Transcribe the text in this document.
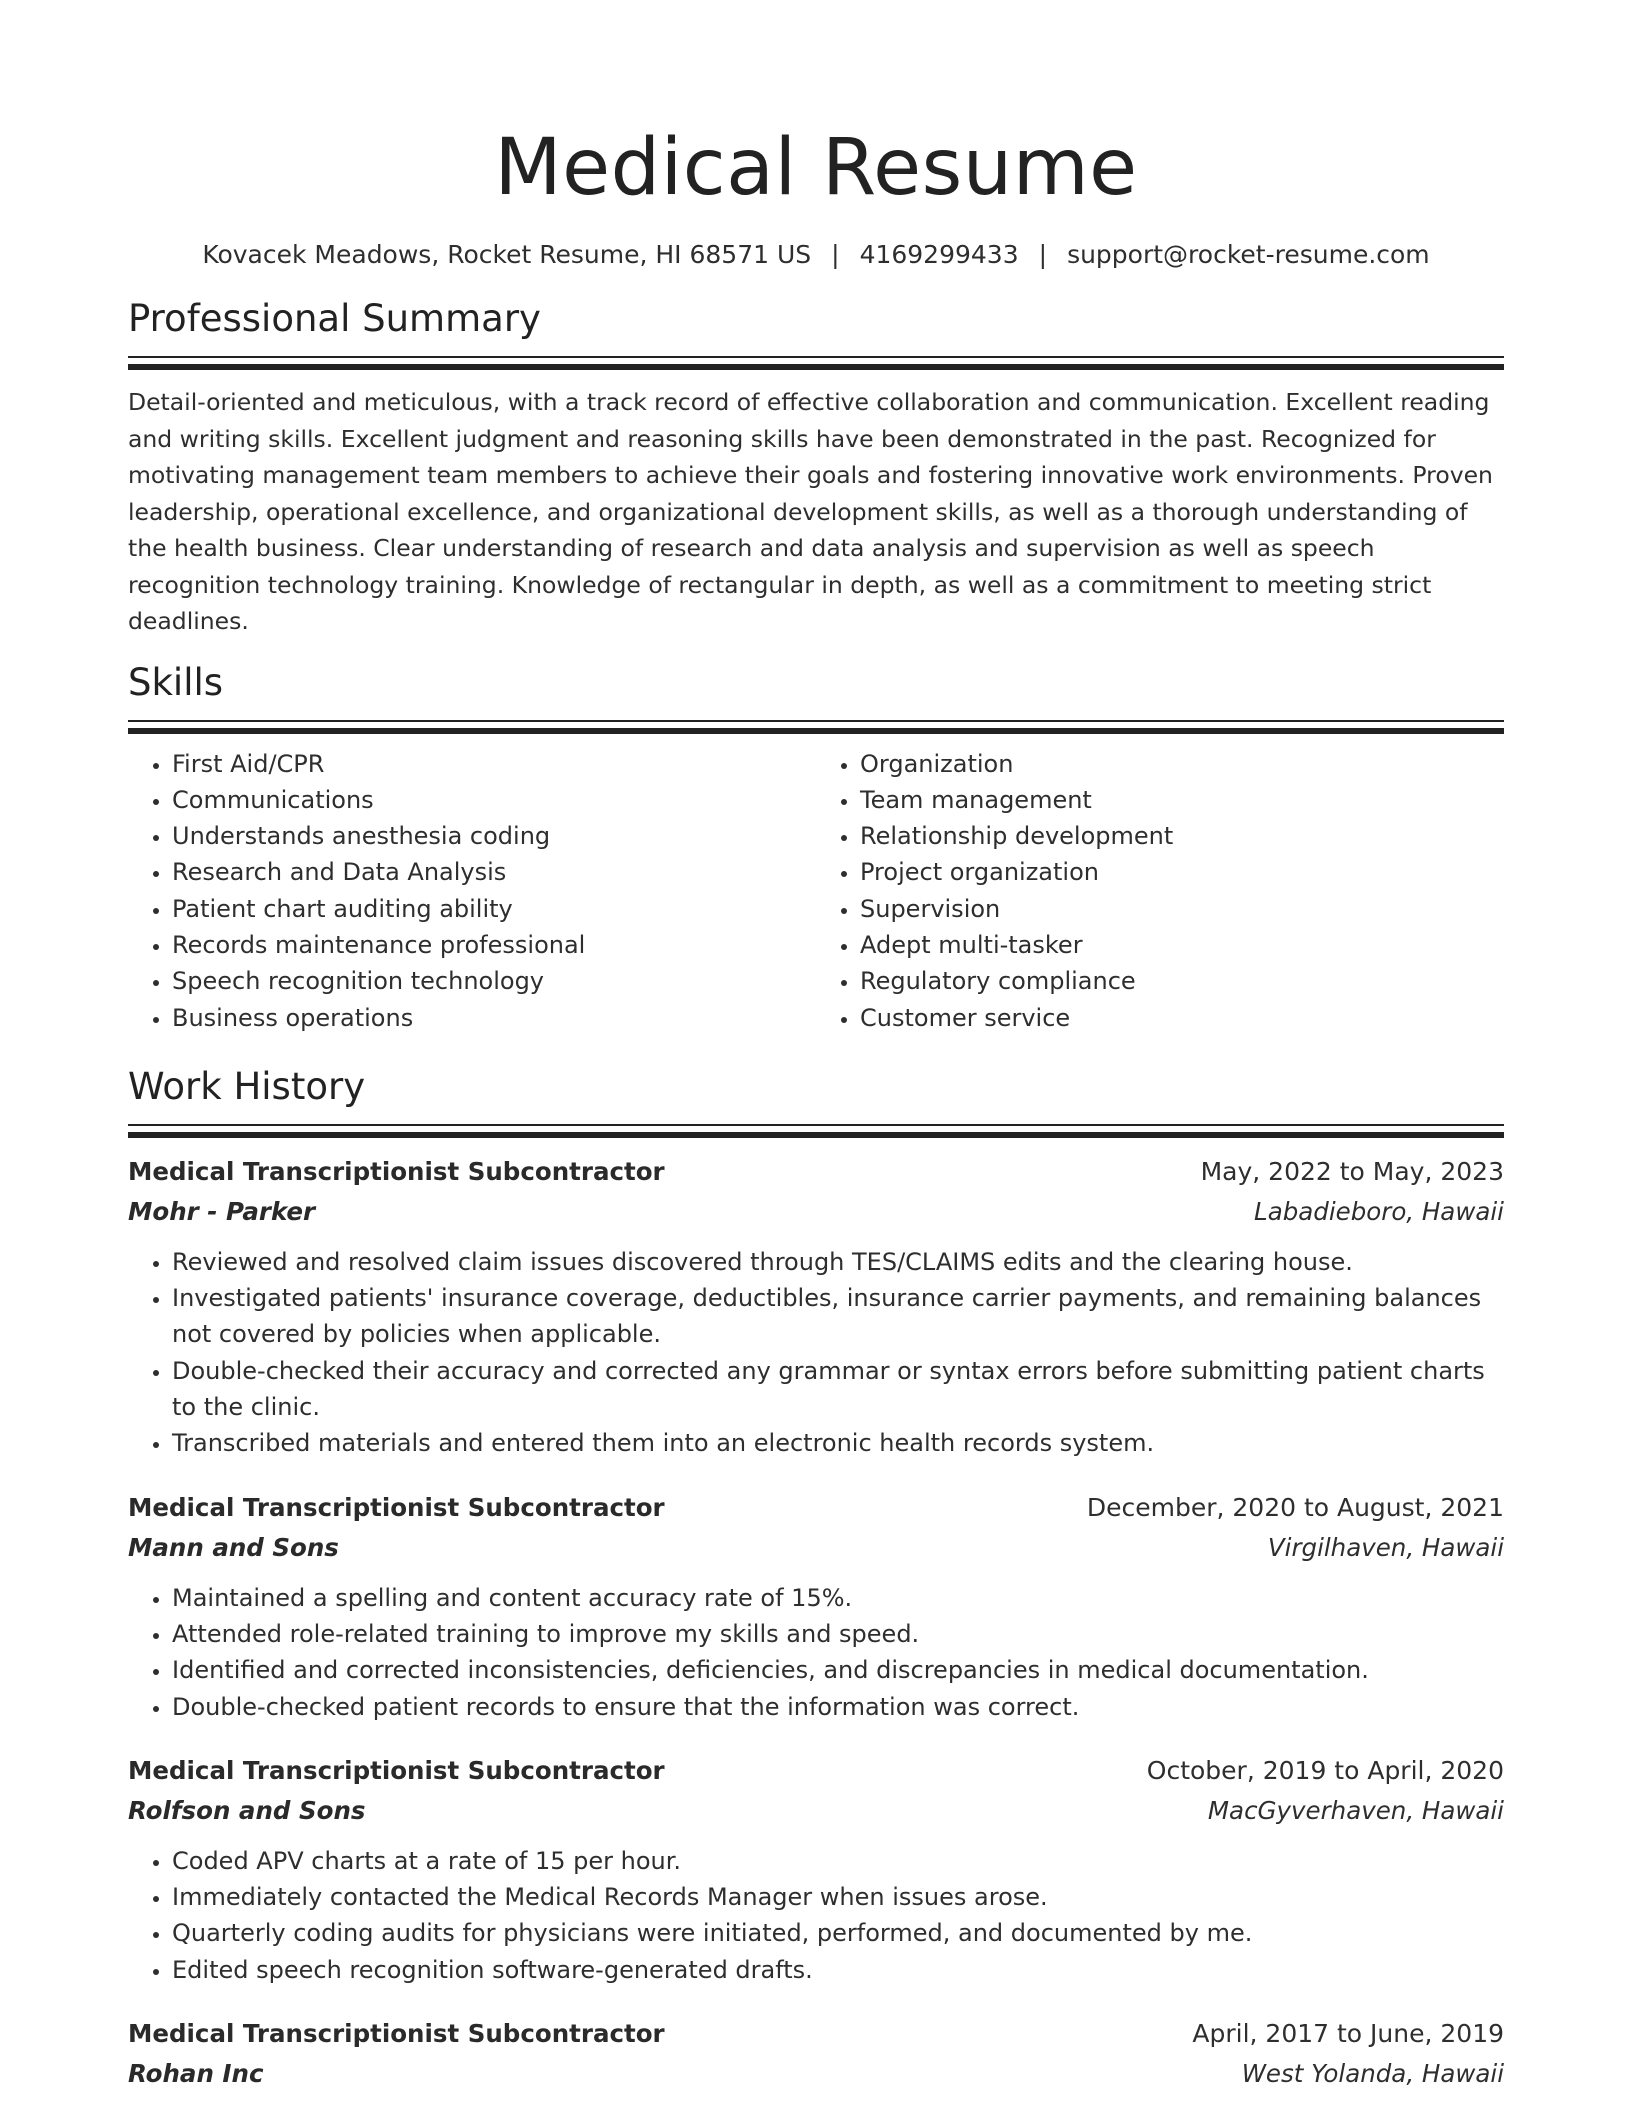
Medical Resume
Kovacek Meadows, Rocket Resume, HI 68571 US | 4169299433 | support@rocket-resume.com
Professional Summary

Detail-oriented and meticulous, with a track record of effective collaboration and communication. Excellent reading and writing skills. Excellent judgment and reasoning skills have been demonstrated in the past. Recognized for motivating management team members to achieve their goals and fostering innovative work environments. Proven leadership, operational excellence, and organizational development skills, as well as a thorough understanding of the health business. Clear understanding of research and data analysis and supervision as well as speech recognition technology training. Knowledge of rectangular in depth, as well as a commitment to meeting strict deadlines.

Skills
• First Aid/CPR
• Communications
• Understands anesthesia coding
• Research and Data Analysis
• Patient chart auditing ability
• Records maintenance professional
• Speech recognition technology
• Business operations
• Organization
• Team management
• Relationship development
• Project organization
• Supervision
• Adept multi-tasker
• Regulatory compliance
• Customer service
Work History
Medical Transcriptionist Subcontractor	May, 2022 to May, 2023
Mohr - Parker	Labadieboro, Hawaii
• Reviewed and resolved claim issues discovered through TES/CLAIMS edits and the clearing house.
• Investigated patients' insurance coverage, deductibles, insurance carrier payments, and remaining balances not covered by policies when applicable.
• Double-checked their accuracy and corrected any grammar or syntax errors before submitting patient charts to the clinic.
• Transcribed materials and entered them into an electronic health records system.
Medical Transcriptionist Subcontractor	December, 2020 to August, 2021
Mann and Sons	Virgilhaven, Hawaii
• Maintained a spelling and content accuracy rate of 15%.
• Attended role-related training to improve my skills and speed.
• Identified and corrected inconsistencies, deficiencies, and discrepancies in medical documentation.
• Double-checked patient records to ensure that the information was correct.
Medical Transcriptionist Subcontractor	October, 2019 to April, 2020
Rolfson and Sons	MacGyverhaven, Hawaii
• Coded APV charts at a rate of 15 per hour.
• Immediately contacted the Medical Records Manager when issues arose.
• Quarterly coding audits for physicians were initiated, performed, and documented by me.
• Edited speech recognition software-generated drafts.
Medical Transcriptionist Subcontractor	April, 2017 to June, 2019
Rohan Inc	West Yolanda, Hawaii
